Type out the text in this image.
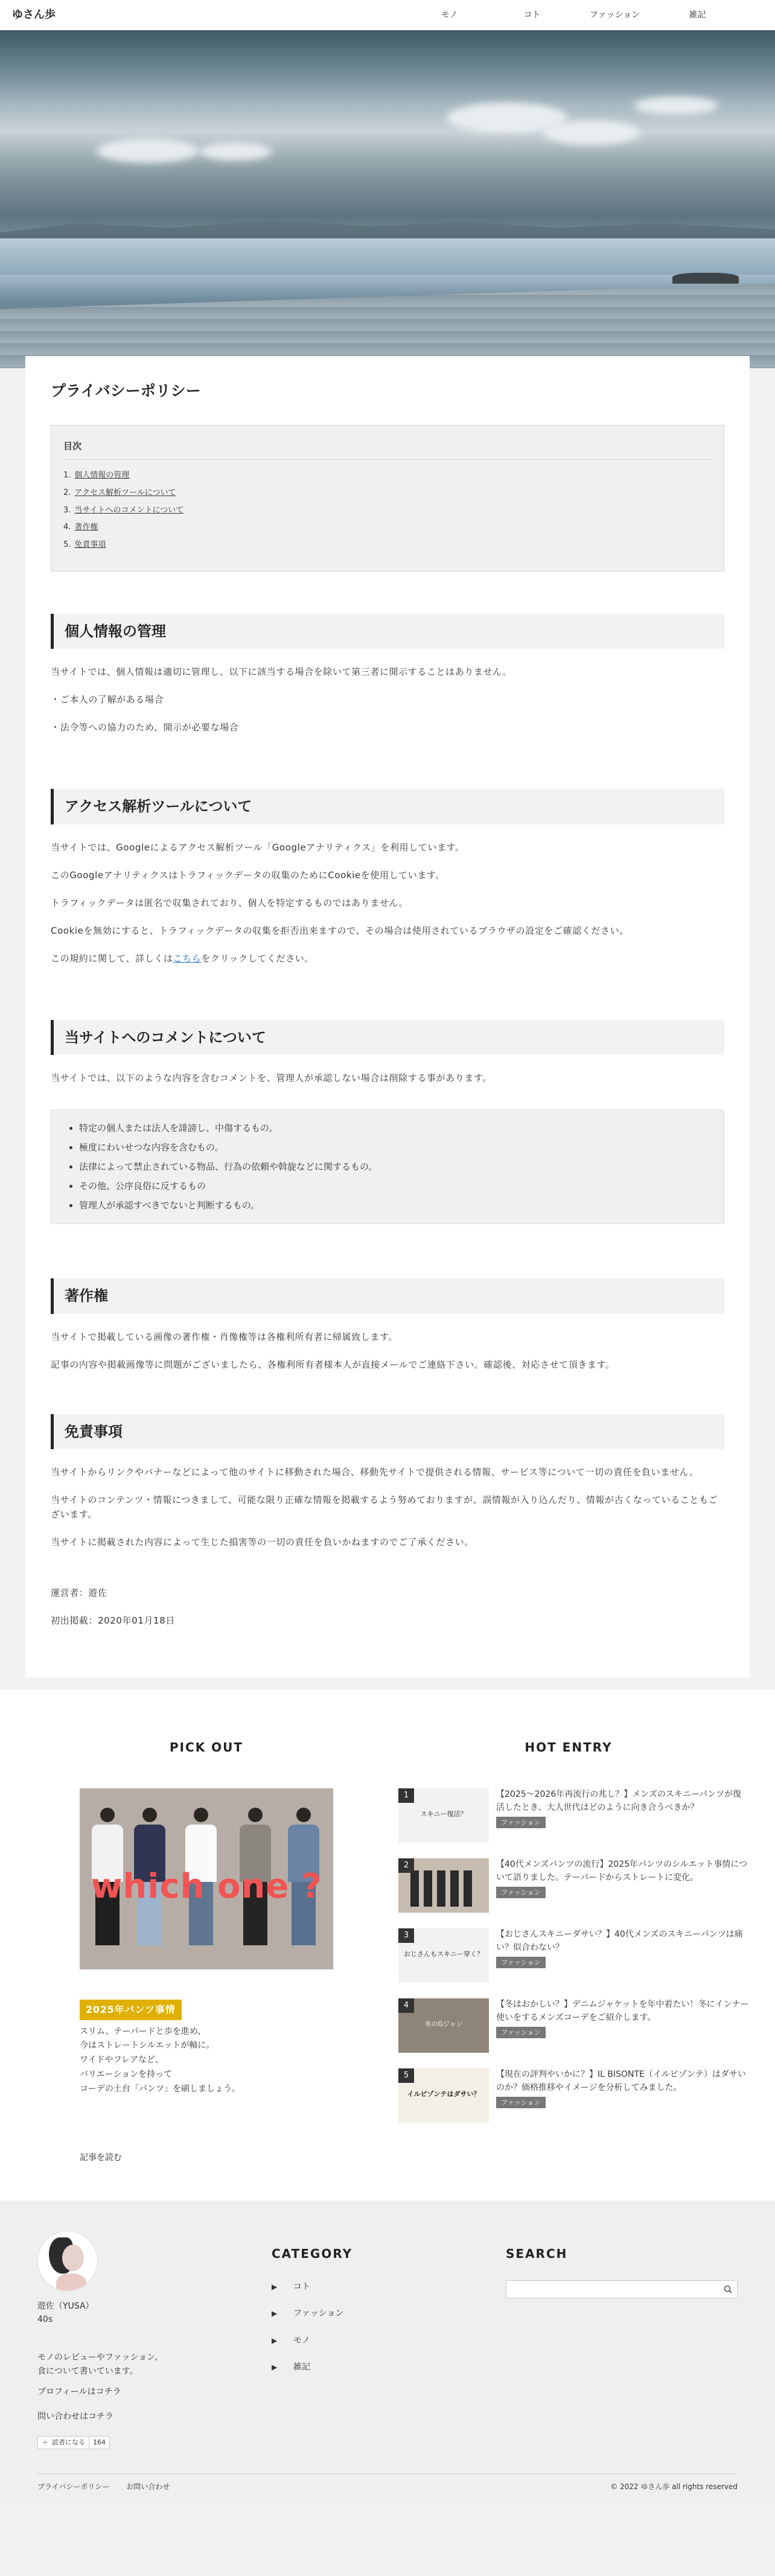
ゆさん歩	モノ	コト	ファッション	雑記
プライバシーポリシー
目次
1. 個人情報の管理
2. アクセス解析ツールについて
3. 当サイトへのコメントについて
4. 著作権
5. 免責事項
個人情報の管理

当サイトでは、個人情報は適切に管理し、以下に該当する場合を除いて第三者に開示することはありません。

・ご本人の了解がある場合

・法令等への協力のため、開示が必要な場合

アクセス解析ツールについて

当サイトでは、Googleによるアクセス解析ツール「Googleアナリティクス」を利用しています。

このGoogleアナリティクスはトラフィックデータの収集のためにCookieを使用しています。

トラフィックデータは匿名で収集されており、個人を特定するものではありません。

Cookieを無効にすると、トラフィックデータの収集を拒否出来ますので、その場合は使用されているブラウザの設定をご確認ください。

この規約に関して、詳しくはこちらをクリックしてください。

当サイトへのコメントについて

当サイトでは、以下のような内容を含むコメントを、管理人が承認しない場合は削除する事があります。

• 特定の個人または法人を誹謗し、中傷するもの。
• 極度にわいせつな内容を含むもの。
• 法律によって禁止されている物品、行為の依頼や斡旋などに関するもの。
• その他、公序良俗に反するもの
• 管理人が承認すべきでないと判断するもの。
著作権

当サイトで掲載している画像の著作権・肖像権等は各権利所有者に帰属致します。

記事の内容や掲載画像等に問題がございましたら、各権利所有者様本人が直接メールでご連絡下さい。確認後、対応させて頂きます。

免責事項

当サイトからリンクやバナーなどによって他のサイトに移動された場合、移動先サイトで提供される情報、サービス等について一切の責任を負いません。

当サイトのコンテンツ・情報につきまして、可能な限り正確な情報を掲載するよう努めておりますが、誤情報が入り込んだり、情報が古くなっていることもございます。

当サイトに掲載された内容によって生じた損害等の一切の責任を負いかねますのでご了承ください。

運営者：遊佐

初出掲載：2020年01月18日

PICK OUT
which one ?
2025年パンツ事情

スリム、テーパードと歩を進め、

今はストレートシルエットが軸に。

ワイドやフレアなど、

バリエーションを持って

コーデの土台「パンツ」を刷しましょう。

記事を読む
HOT ENTRY
1
スキニー復活？
【2025〜2026年再流行の兆し？】メンズのスキニーパンツが復活したとき、大人世代はどのように向き合うべきか？
ファッション
2	【40代メンズパンツの流行】2025年パンツのシルエット事情について語りました。テーパードからストレートに変化。
ファッション
3
おじさんもスキニー穿く？
【おじさんスキニーダサい？】40代メンズのスキニーパンツは痛い？似合わない？
ファッション
4
冬のGジャン
【冬はおかしい？】デニムジャケットを年中着たい！冬にインナー使いをするメンズコーデをご紹介します。
ファッション
5
イルビゾンテはダサい？
【現在の評判やいかに？】IL BISONTE（イルビゾンテ）はダサいのか？価格推移やイメージを分析してみました。
ファッション
遊佐（YUSA）
40s
モノのレビューやファッション、
食について書いています。
プロフィールはコチラ
問い合わせはコチラ
＋ 読者になる	164
CATEGORY
▶ コト
▶ ファッション
▶ モノ
▶ 雑記
SEARCH
プライバシーポリシー お問い合わせ	© 2022 ゆさん歩 all rights reserved
